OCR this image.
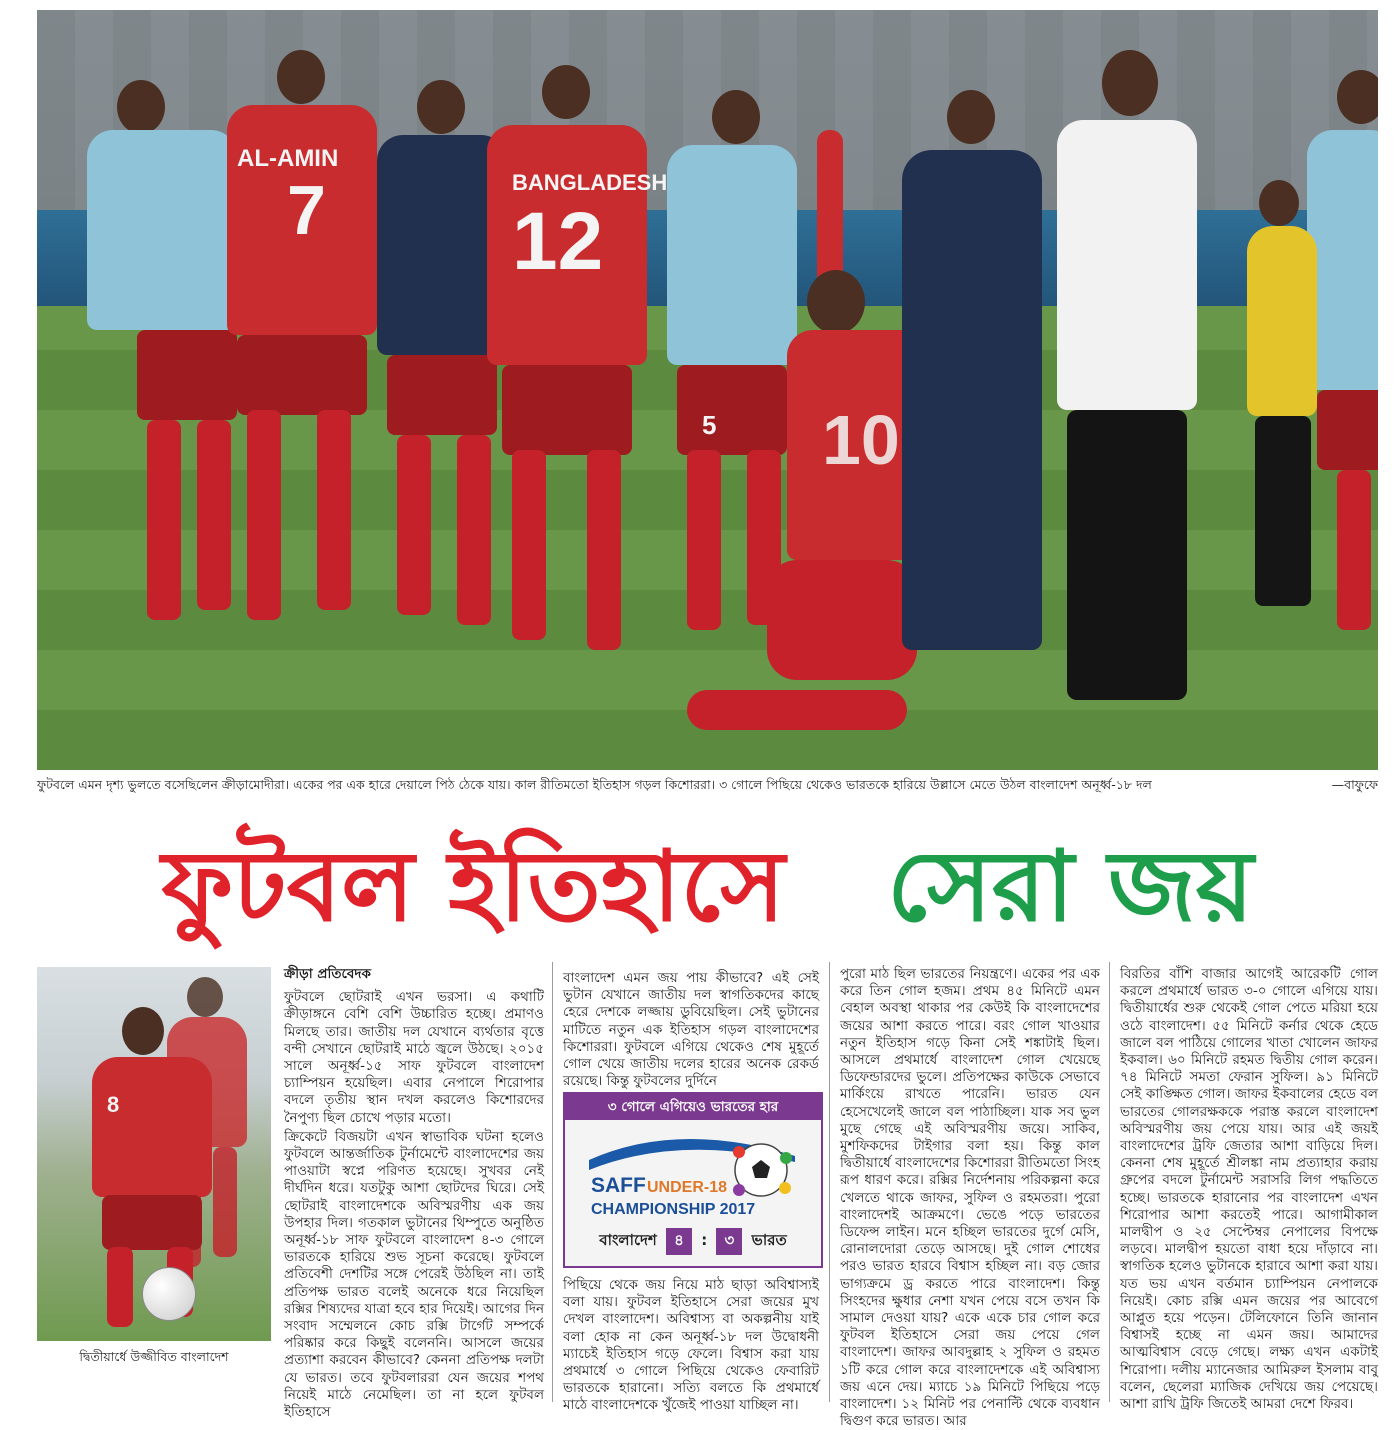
AL-AMIN
7	BANGLADESH
12
5 10
ফুটবলে এমন দৃশ্য ভুলতে বসেছিলেন ক্রীড়ামোদীরা। একের পর এক হারে দেয়ালে পিঠ ঠেকে যায়। কাল রীতিমতো ইতিহাস গড়ল কিশোররা। ৩ গোলে পিছিয়ে থেকেও ভারতকে হারিয়ে উল্লাসে মেতে উঠল বাংলাদেশ অনূর্ধ্ব-১৮ দল	—বাফুফে
ফুটবল ইতিহাসে সেরা জয়
8
দ্বিতীয়ার্ধে উজ্জীবিত বাংলাদেশ
ক্রীড়া প্রতিবেদক

ফুটবলে ছোটরাই এখন ভরসা। এ কথাটি ক্রীড়াঙ্গনে বেশি বেশি উচ্চারিত হচ্ছে। প্রমাণও মিলছে তার। জাতীয় দল যেখানে ব্যর্থতার বৃত্তে বন্দী সেখানে ছোটরাই মাঠে জ্বলে উঠছে। ২০১৫ সালে অনূর্ধ্ব-১৫ সাফ ফুটবলে বাংলাদেশ চ্যাম্পিয়ন হয়েছিল। এবার নেপালে শিরোপার বদলে তৃতীয় স্থান দখল করলেও কিশোরদের নৈপুণ্য ছিল চোখে পড়ার মতো।

ক্রিকেটে বিজয়টা এখন স্বাভাবিক ঘটনা হলেও ফুটবলে আন্তর্জাতিক টুর্নামেন্টে বাংলাদেশের জয় পাওয়াটা স্বপ্নে পরিণত হয়েছে। সুখবর নেই দীর্ঘদিন ধরে। যতটুকু আশা ছোটদের ঘিরে। সেই ছোটরাই বাংলাদেশকে অবিস্মরণীয় এক জয় উপহার দিল। গতকাল ভুটানের থিম্পুতে অনুষ্ঠিত অনূর্ধ্ব-১৮ সাফ ফুটবলে বাংলাদেশ ৪-৩ গোলে ভারতকে হারিয়ে শুভ সূচনা করেছে। ফুটবলে প্রতিবেশী দেশটির সঙ্গে পেরেই উঠছিল না। তাই প্রতিপক্ষ ভারত বলেই অনেকে ধরে নিয়েছিল রক্সির শিষ্যদের যাত্রা হবে হার দিয়েই। আগের দিন সংবাদ সম্মেলনে কোচ রক্সি টার্গেট সম্পর্কে পরিষ্কার করে কিছুই বলেননি। আসলে জয়ের প্রত্যাশা করবেন কীভাবে? কেননা প্রতিপক্ষ দলটা যে ভারত। তবে ফুটবলাররা যেন জয়ের শপথ নিয়েই মাঠে নেমেছিল। তা না হলে ফুটবল ইতিহাসে

বাংলাদেশ এমন জয় পায় কীভাবে? এই সেই ভুটান যেখানে জাতীয় দল স্বাগতিকদের কাছে হেরে দেশকে লজ্জায় ডুবিয়েছিল। সেই ভুটানের মাটিতে নতুন এক ইতিহাস গড়ল বাংলাদেশের কিশোররা। ফুটবলে এগিয়ে থেকেও শেষ মুহূর্তে গোল খেয়ে জাতীয় দলের হারের অনেক রেকর্ড রয়েছে। কিন্তু ফুটবলের দুর্দিনে

৩ গোলে এগিয়েও ভারতের হার
SAFF UNDER-18
CHAMPIONSHIP 2017
বাংলাদেশ ৪ : ৩ ভারত

পিছিয়ে থেকে জয় নিয়ে মাঠ ছাড়া অবিশ্বাস্যই বলা যায়। ফুটবল ইতিহাসে সেরা জয়ের মুখ দেখল বাংলাদেশ। অবিশ্বাস্য বা অকল্পনীয় যাই বলা হোক না কেন অনূর্ধ্ব-১৮ দল উদ্বোধনী ম্যাচেই ইতিহাস গড়ে ফেলে। বিশ্বাস করা যায় প্রথমার্ধে ৩ গোলে পিছিয়ে থেকেও ফেবারিট ভারতকে হারানো। সত্যি বলতে কি প্রথমার্ধে মাঠে বাংলাদেশকে খুঁজেই পাওয়া যাচ্ছিল না।

পুরো মাঠ ছিল ভারতের নিয়ন্ত্রণে। একের পর এক করে তিন গোল হজম। প্রথম ৪৫ মিনিটে এমন বেহাল অবস্থা থাকার পর কেউই কি বাংলাদেশের জয়ের আশা করতে পারে। বরং গোল খাওয়ার নতুন ইতিহাস গড়ে কিনা সেই শঙ্কাটাই ছিল। আসলে প্রথমার্ধে বাংলাদেশ গোল খেয়েছে ডিফেন্ডারদের ভুলে। প্রতিপক্ষের কাউকে সেভাবে মার্কিংয়ে রাখতে পারেনি। ভারত যেন হেসেখেলেই জালে বল পাঠাচ্ছিল। যাক সব ভুল মুছে গেছে এই অবিস্মরণীয় জয়ে। সাকিব, মুশফিকদের টাইগার বলা হয়। কিন্তু কাল দ্বিতীয়ার্ধে বাংলাদেশের কিশোররা রীতিমতো সিংহ রূপ ধারণ করে। রক্সির নির্দেশনায় পরিকল্পনা করে খেলতে থাকে জাফর, সুফিল ও রহমতরা। পুরো বাংলাদেশই আক্রমণে। ভেঙে পড়ে ভারতের ডিফেন্স লাইন। মনে হচ্ছিল ভারতের দুর্গে মেসি, রোনালদোরা তেড়ে আসছে। দুই গোল শোধের পরও ভারত হারবে বিশ্বাস হচ্ছিল না। বড় জোর ভাগ্যক্রমে ড্র করতে পারে বাংলাদেশ। কিন্তু সিংহদের ক্ষুধার নেশা যখন পেয়ে বসে তখন কি সামাল দেওয়া যায়? একে একে চার গোল করে ফুটবল ইতিহাসে সেরা জয় পেয়ে গেল বাংলাদেশ। জাফর আবদুল্লাহ ২ সুফিল ও রহমত ১টি করে গোল করে বাংলাদেশকে এই অবিশ্বাস্য জয় এনে দেয়। ম্যাচে ১৯ মিনিটে পিছিয়ে পড়ে বাংলাদেশ। ১২ মিনিট পর পেনাল্টি থেকে ব্যবধান দ্বিগুণ করে ভারত। আর

বিরতির বাঁশি বাজার আগেই আরেকটি গোল করলে প্রথমার্ধে ভারত ৩-০ গোলে এগিয়ে যায়। দ্বিতীয়ার্ধের শুরু থেকেই গোল পেতে মরিয়া হয়ে ওঠে বাংলাদেশ। ৫৫ মিনিটে কর্নার থেকে হেডে জালে বল পাঠিয়ে গোলের খাতা খোলেন জাফর ইকবাল। ৬০ মিনিটে রহমত দ্বিতীয় গোল করেন। ৭৪ মিনিটে সমতা ফেরান সুফিল। ৯১ মিনিটে সেই কাঙ্ক্ষিত গোল। জাফর ইকবালের হেডে বল ভারতের গোলরক্ষককে পরাস্ত করলে বাংলাদেশ অবিস্মরণীয় জয় পেয়ে যায়। আর এই জয়ই বাংলাদেশের ট্রফি জেতার আশা বাড়িয়ে দিল। কেননা শেষ মুহূর্তে শ্রীলঙ্কা নাম প্রত্যাহার করায় গ্রুপের বদলে টুর্নামেন্ট সরাসরি লিগ পদ্ধতিতে হচ্ছে। ভারতকে হারানোর পর বাংলাদেশ এখন শিরোপার আশা করতেই পারে। আগামীকাল মালদ্বীপ ও ২৫ সেপ্টেম্বর নেপালের বিপক্ষে লড়বে। মালদ্বীপ হয়তো বাধা হয়ে দাঁড়াবে না। স্বাগতিক হলেও ভুটানকে হারাবে আশা করা যায়। যত ভয় এখন বর্তমান চ্যাম্পিয়ন নেপালকে নিয়েই। কোচ রক্সি এমন জয়ের পর আবেগে আপ্লুত হয়ে পড়েন। টেলিফোনে তিনি জানান বিশ্বাসই হচ্ছে না এমন জয়। আমাদের আত্মবিশ্বাস বেড়ে গেছে। লক্ষ্য এখন একটাই শিরোপা। দলীয় ম্যানেজার আমিরুল ইসলাম বাবু বলেন, ছেলেরা ম্যাজিক দেখিয়ে জয় পেয়েছে। আশা রাখি ট্রফি জিতেই আমরা দেশে ফিরব।
